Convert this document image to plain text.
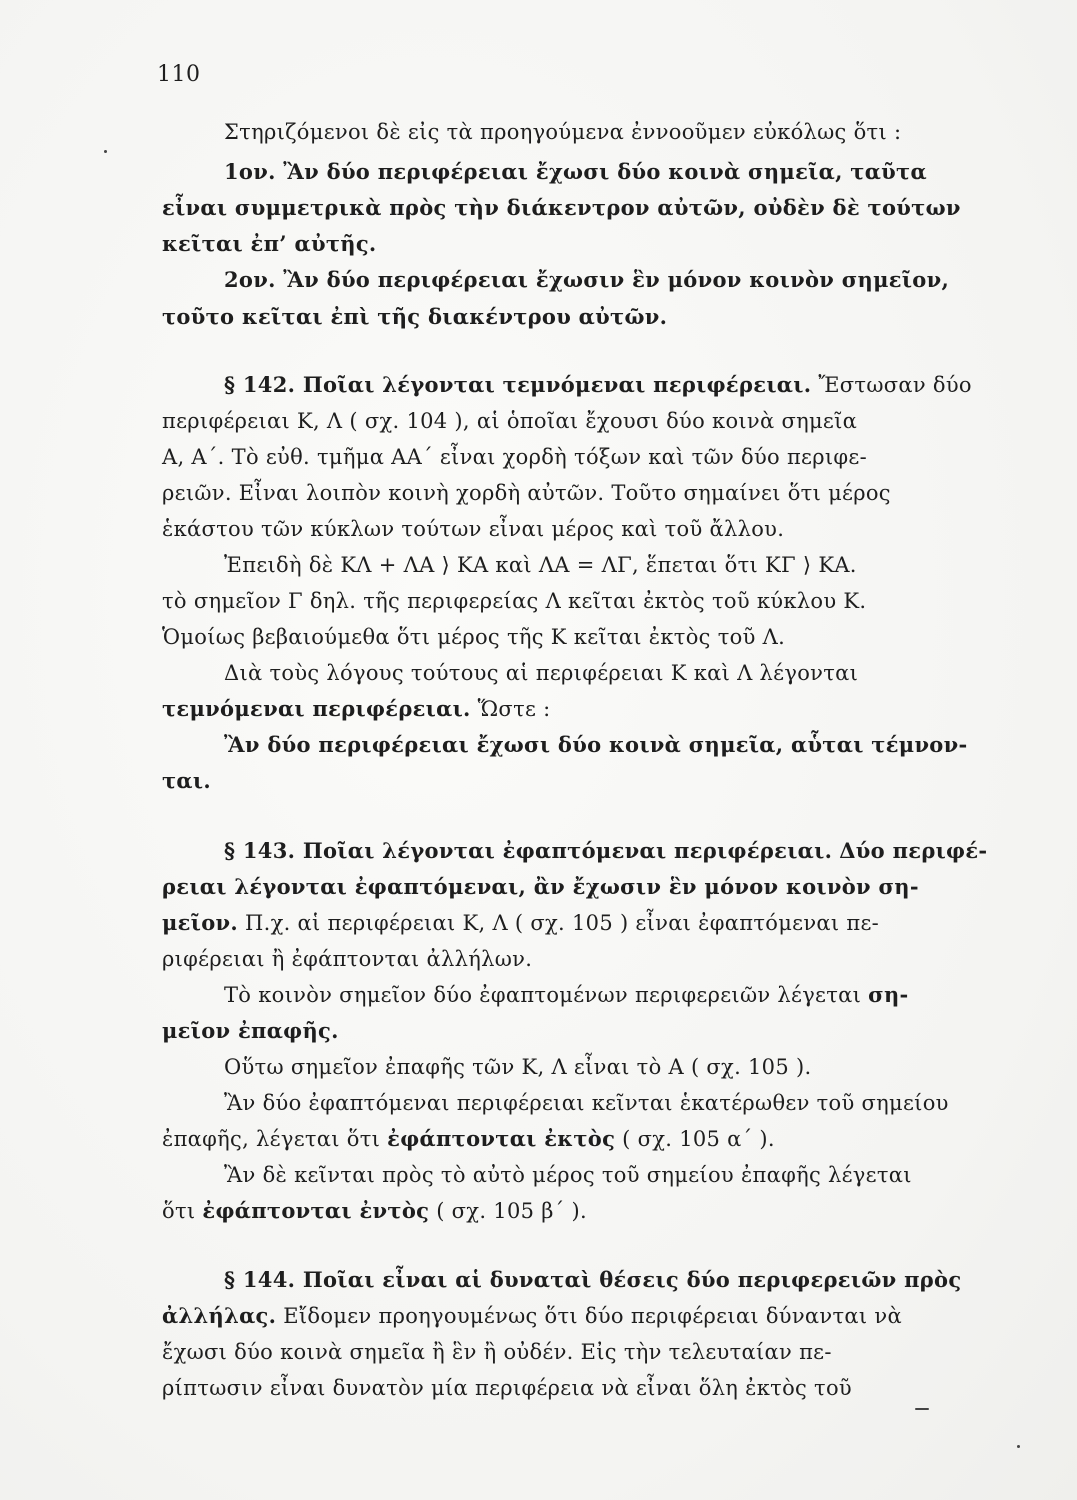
110
Στηριζόμενοι δὲ εἰς τὰ προηγούμενα ἐννοοῦμεν εὐκόλως ὅτι :
1ον. Ἂν δύο περιφέρειαι ἔχωσι δύο κοινὰ σημεῖα, ταῦτα
εἶναι συμμετρικὰ πρὸς τὴν διάκεντρον αὐτῶν, οὐδὲν δὲ τούτων
κεῖται ἐπ’ αὐτῆς.
2ον. Ἂν δύο περιφέρειαι ἔχωσιν ἓν μόνον κοινὸν σημεῖον,
τοῦτο κεῖται ἐπὶ τῆς διακέντρου αὐτῶν.
§ 142. Ποῖαι λέγονται τεμνόμεναι περιφέρειαι. Ἔστωσαν δύο
περιφέρειαι Κ, Λ ( σχ. 104 ), αἱ ὁποῖαι ἔχουσι δύο κοινὰ σημεῖα
Α, Α΄. Τὸ εὐθ. τμῆμα ΑΑ΄ εἶναι χορδὴ τόξων καὶ τῶν δύο περιφε-
ρειῶν. Εἶναι λοιπὸν κοινὴ χορδὴ αὐτῶν. Τοῦτο σημαίνει ὅτι μέρος
ἑκάστου τῶν κύκλων τούτων εἶναι μέρος καὶ τοῦ ἄλλου.
Ἐπειδὴ δὲ ΚΛ + ΛΑ ⟩ ΚΑ καὶ ΛΑ = ΛΓ, ἕπεται ὅτι ΚΓ ⟩ ΚΑ.
τὸ σημεῖον Γ δηλ. τῆς περιφερείας Λ κεῖται ἐκτὸς τοῦ κύκλου Κ.
Ὁμοίως βεβαιούμεθα ὅτι μέρος τῆς Κ κεῖται ἐκτὸς τοῦ Λ.
Διὰ τοὺς λόγους τούτους αἱ περιφέρειαι Κ καὶ Λ λέγονται
τεμνόμεναι περιφέρειαι. Ὥστε :
Ἂν δύο περιφέρειαι ἔχωσι δύο κοινὰ σημεῖα, αὗται τέμνον-
ται.
§ 143. Ποῖαι λέγονται ἐφαπτόμεναι περιφέρειαι. Δύο περιφέ-
ρειαι λέγονται ἐφαπτόμεναι, ἂν ἔχωσιν ἓν μόνον κοινὸν ση-
μεῖον. Π.χ. αἱ περιφέρειαι Κ, Λ ( σχ. 105 ) εἶναι ἐφαπτόμεναι πε-
ριφέρειαι ἢ ἐφάπτονται ἀλλήλων.
Τὸ κοινὸν σημεῖον δύο ἐφαπτομένων περιφερειῶν λέγεται ση-
μεῖον ἐπαφῆς.
Οὕτω σημεῖον ἐπαφῆς τῶν Κ, Λ εἶναι τὸ Α ( σχ. 105 ).
Ἂν δύο ἐφαπτόμεναι περιφέρειαι κεῖνται ἑκατέρωθεν τοῦ σημείου
ἐπαφῆς, λέγεται ὅτι ἐφάπτονται ἐκτὸς ( σχ. 105 α΄ ).
Ἂν δὲ κεῖνται πρὸς τὸ αὐτὸ μέρος τοῦ σημείου ἐπαφῆς λέγεται
ὅτι ἐφάπτονται ἐντὸς ( σχ. 105 β΄ ).
§ 144. Ποῖαι εἶναι αἱ δυναταὶ θέσεις δύο περιφερειῶν πρὸς
ἀλλήλας. Εἴδομεν προηγουμένως ὅτι δύο περιφέρειαι δύνανται νὰ
ἔχωσι δύο κοινὰ σημεῖα ἢ ἓν ἢ οὐδέν. Εἰς τὴν τελευταίαν πε-
ρίπτωσιν εἶναι δυνατὸν μία περιφέρεια νὰ εἶναι ὅλη ἐκτὸς τοῦ
